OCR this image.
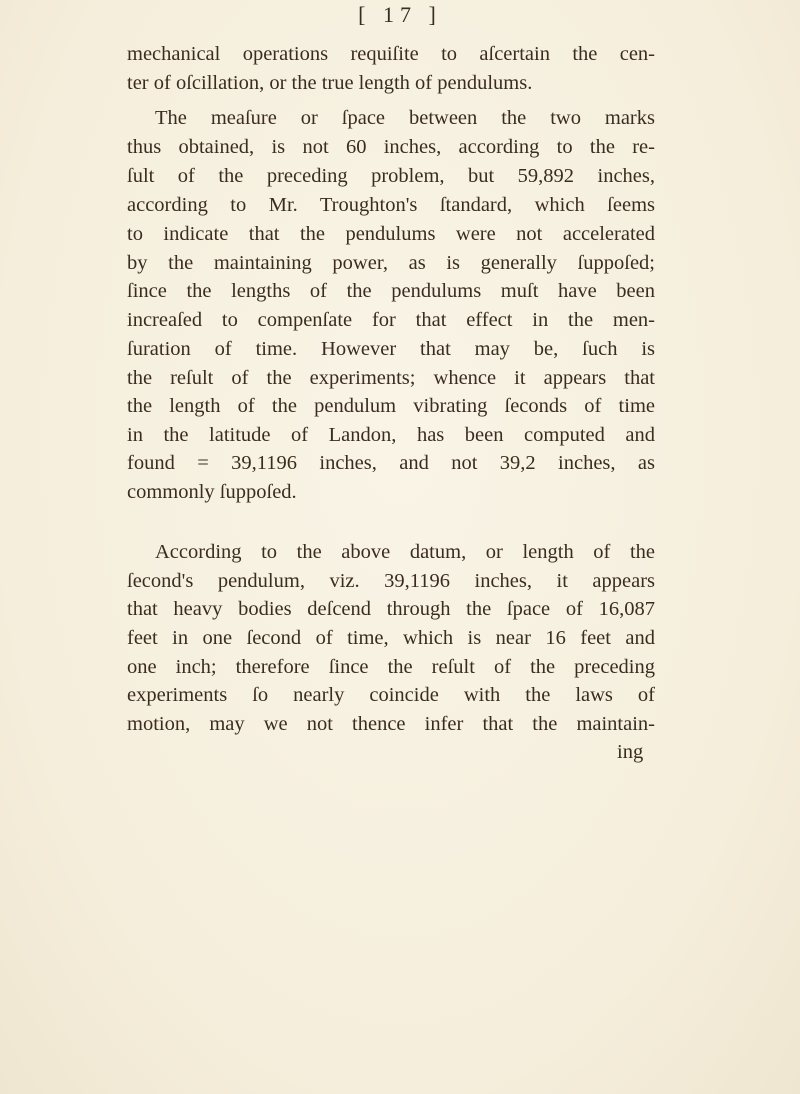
[ 17 ]
mechanical operations requiſite to aſcertain the cen-
ter of oſcillation, or the true length of pendulums.
The meaſure or ſpace between the two marks
thus obtained, is not 60 inches, according to the re-
ſult of the preceding problem, but 59,892 inches,
according to Mr. Troughton's ſtandard, which ſeems
to indicate that the pendulums were not accelerated
by the maintaining power, as is generally ſuppoſed;
ſince the lengths of the pendulums muſt have been
increaſed to compenſate for that effect in the men-
ſuration of time. However that may be, ſuch is
the reſult of the experiments; whence it appears that
the length of the pendulum vibrating ſeconds of time
in the latitude of Landon, has been computed and
found = 39,1196 inches, and not 39,2 inches, as
commonly ſuppoſed.
According to the above datum, or length of the
ſecond's pendulum, viz. 39,1196 inches, it appears
that heavy bodies deſcend through the ſpace of 16,087
feet in one ſecond of time, which is near 16 feet and
one inch; therefore ſince the reſult of the preceding
experiments ſo nearly coincide with the laws of
motion, may we not thence infer that the maintain-
ing
